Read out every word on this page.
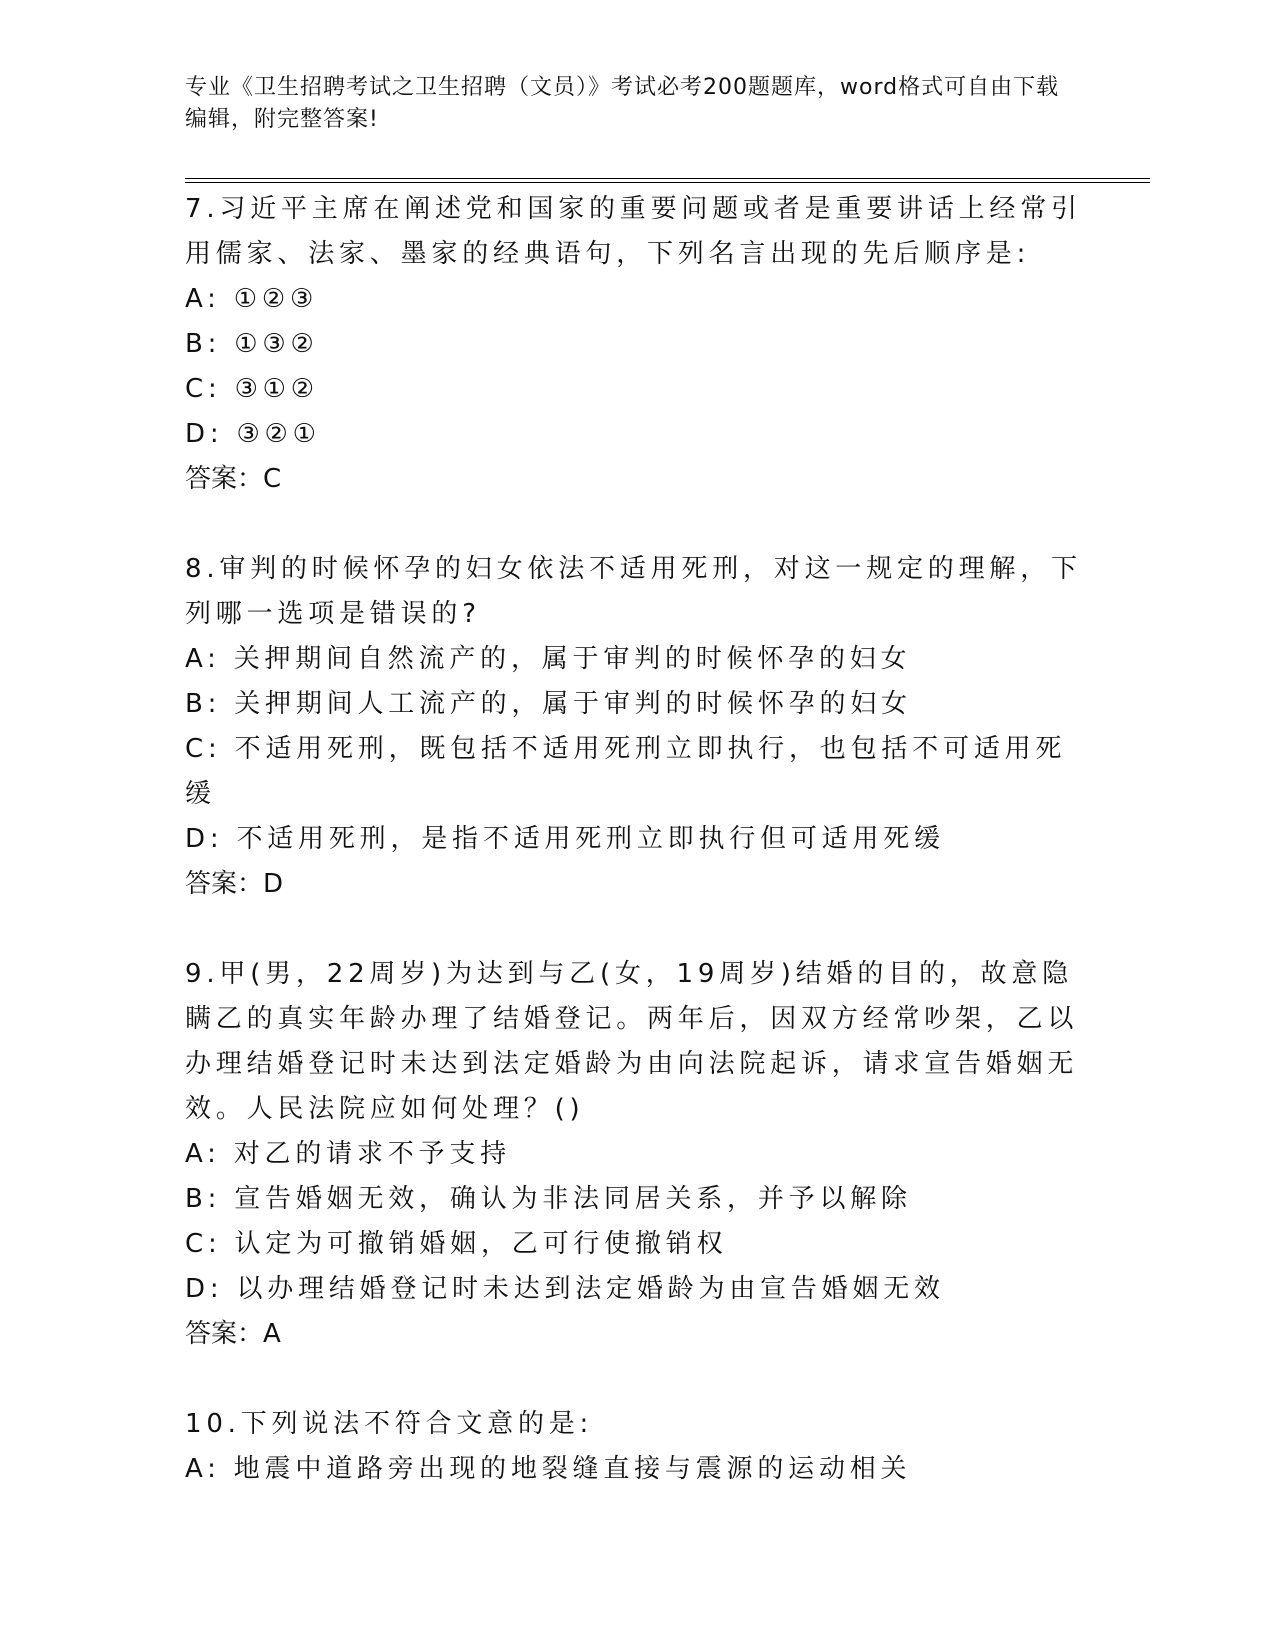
专业《卫生招聘考试之卫生招聘（文员）》考试必考200题题库，word格式可自由下载编辑，附完整答案!

7.习近平主席在阐述党和国家的重要问题或者是重要讲话上经常引用儒家、法家、墨家的经典语句，下列名言出现的先后顺序是:

A: ①②③

B: ①③②

C: ③①②

D: ③②①

答案：C

8.审判的时候怀孕的妇女依法不适用死刑，对这一规定的理解，下列哪一选项是错误的?

A: 关押期间自然流产的，属于审判的时候怀孕的妇女

B: 关押期间人工流产的，属于审判的时候怀孕的妇女

C: 不适用死刑，既包括不适用死刑立即执行，也包括不可适用死缓

D: 不适用死刑，是指不适用死刑立即执行但可适用死缓

答案：D

9.甲(男，22周岁)为达到与乙(女，19周岁)结婚的目的，故意隐瞒乙的真实年龄办理了结婚登记。两年后，因双方经常吵架，乙以办理结婚登记时未达到法定婚龄为由向法院起诉，请求宣告婚姻无效。人民法院应如何处理？()

A: 对乙的请求不予支持

B: 宣告婚姻无效，确认为非法同居关系，并予以解除

C: 认定为可撤销婚姻，乙可行使撤销权

D: 以办理结婚登记时未达到法定婚龄为由宣告婚姻无效

答案：A

10.下列说法不符合文意的是:

A: 地震中道路旁出现的地裂缝直接与震源的运动相关
